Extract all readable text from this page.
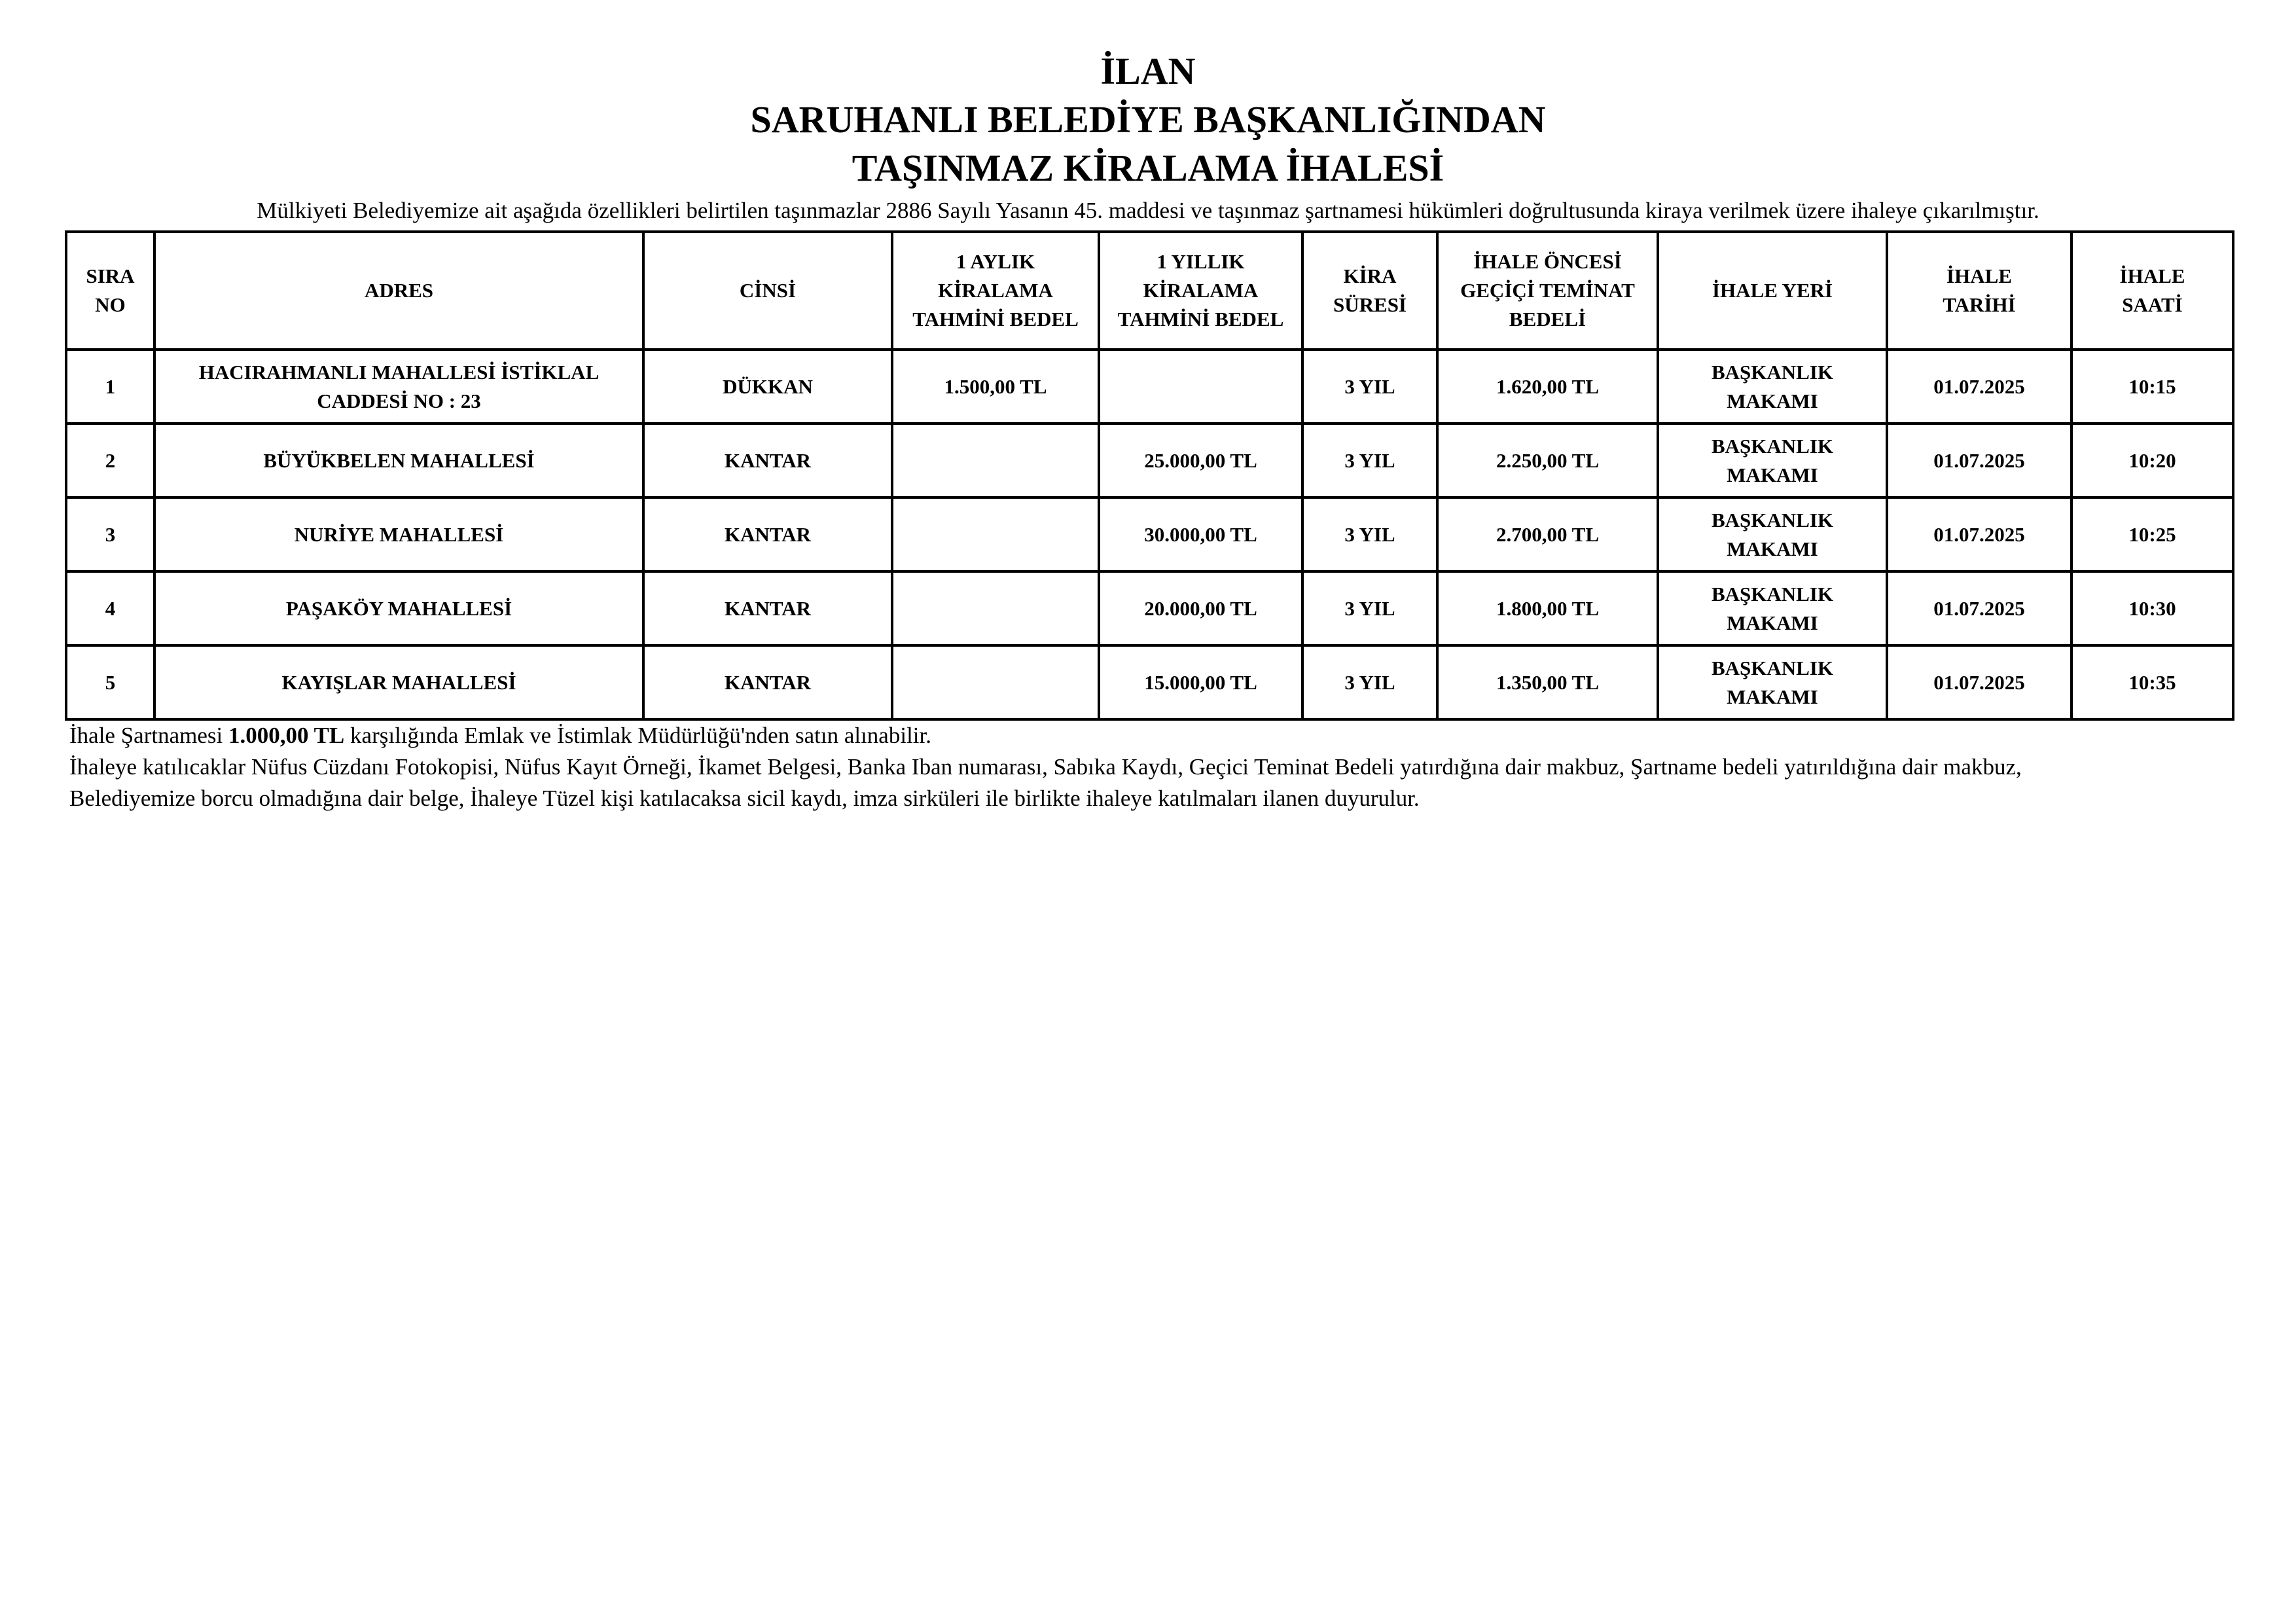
İLAN

SARUHANLI BELEDİYE BAŞKANLIĞINDAN

TAŞINMAZ KİRALAMA İHALESİ

Mülkiyeti Belediyemize ait aşağıda özellikleri belirtilen taşınmazlar 2886 Sayılı Yasanın 45. maddesi ve taşınmaz şartnamesi hükümleri doğrultusunda kiraya verilmek üzere ihaleye çıkarılmıştır.
SIRA
NO	ADRES	CİNSİ	1 AYLIK
KİRALAMA
TAHMİNİ BEDEL	1 YILLIK
KİRALAMA
TAHMİNİ BEDEL	KİRA
SÜRESİ	İHALE ÖNCESİ
GEÇİÇİ TEMİNAT
BEDELİ	İHALE YERİ	İHALE
TARİHİ	İHALE
SAATİ
1	HACIRAHMANLI MAHALLESİ İSTİKLAL
CADDESİ NO : 23	DÜKKAN	1.500,00 TL		3 YIL	1.620,00 TL	BAŞKANLIK
MAKAMI	01.07.2025	10:15
2	BÜYÜKBELEN MAHALLESİ	KANTAR		25.000,00 TL	3 YIL	2.250,00 TL	BAŞKANLIK
MAKAMI	01.07.2025	10:20
3	NURİYE MAHALLESİ	KANTAR		30.000,00 TL	3 YIL	2.700,00 TL	BAŞKANLIK
MAKAMI	01.07.2025	10:25
4	PAŞAKÖY MAHALLESİ	KANTAR		20.000,00 TL	3 YIL	1.800,00 TL	BAŞKANLIK
MAKAMI	01.07.2025	10:30
5	KAYIŞLAR MAHALLESİ	KANTAR		15.000,00 TL	3 YIL	1.350,00 TL	BAŞKANLIK
MAKAMI	01.07.2025	10:35

İhale Şartnamesi 1.000,00 TL karşılığında Emlak ve İstimlak Müdürlüğü'nden satın alınabilir.

İhaleye katılıcaklar Nüfus Cüzdanı Fotokopisi, Nüfus Kayıt Örneği, İkamet Belgesi, Banka Iban numarası, Sabıka Kaydı, Geçici Teminat Bedeli yatırdığına dair makbuz, Şartname bedeli yatırıldığına dair makbuz,

Belediyemize borcu olmadığına dair belge, İhaleye Tüzel kişi katılacaksa sicil kaydı, imza sirküleri ile birlikte ihaleye katılmaları ilanen duyurulur.
